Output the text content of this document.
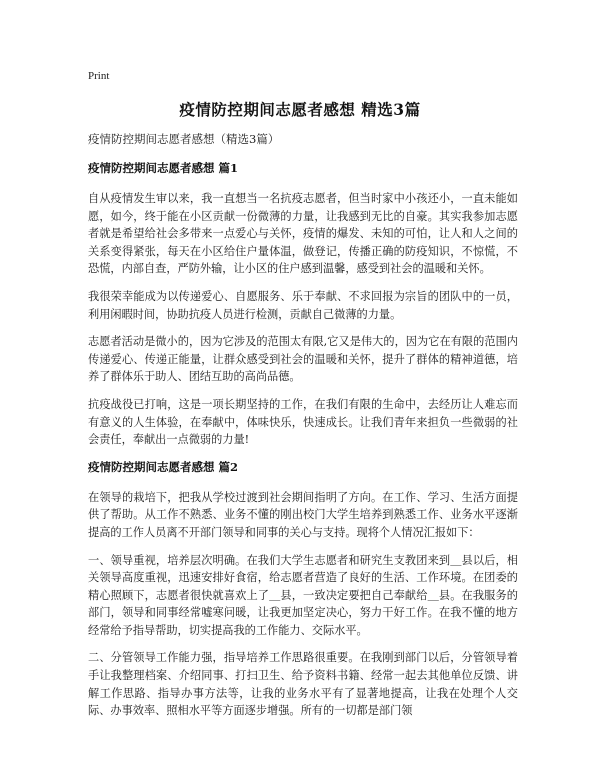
Print
疫情防控期间志愿者感想 精选3篇
疫情防控期间志愿者感想（精选3篇）
疫情防控期间志愿者感想 篇1

自从疫情发生审以来，我一直想当一名抗疫志愿者，但当时家中小孩还小，一直未能如愿，如今，终于能在小区贡献一份微薄的力量，让我感到无比的自豪。其实我参加志愿者就是希望给社会多带来一点爱心与关怀，疫情的爆发、未知的可怕，让人和人之间的关系变得紧张，每天在小区给住户量体温，做登记，传播正确的防疫知识，不惊慌，不恐慌，内部自查，严防外输，让小区的住户感到温馨，感受到社会的温暖和关怀。

我很荣幸能成为以传递爱心、自愿服务、乐于奉献、不求回报为宗旨的团队中的一员，利用闲暇时间，协助抗疫人员进行检测，贡献自己微薄的力量。

志愿者活动是微小的，因为它涉及的范围太有限,它又是伟大的，因为它在有限的范围内传递爱心、传递正能量，让群众感受到社会的温暖和关怀，提升了群体的精神道德，培养了群体乐于助人、团结互助的高尚品德。

抗疫战役已打响，这是一项长期坚持的工作，在我们有限的生命中，去经历让人难忘而有意义的人生体验，在奉献中，体味快乐，快速成长。让我们青年来担负一些微弱的社会责任，奉献出一点微弱的力量!

疫情防控期间志愿者感想 篇2

在领导的栽培下，把我从学校过渡到社会期间指明了方向。在工作、学习、生活方面提供了帮助。从工作不熟悉、业务不懂的刚出校门大学生培养到熟悉工作、业务水平逐渐提高的工作人员离不开部门领导和同事的关心与支持。现将个人情况汇报如下：

一、领导重视，培养层次明确。在我们大学生志愿者和研究生支教团来到＿县以后，相关领导高度重视，迅速安排好食宿，给志愿者营造了良好的生活、工作环境。在团委的精心照顾下，志愿者很快就喜欢上了＿县，一致决定要把自己奉献给＿县。在我服务的部门，领导和同事经常嘘寒问暖，让我更加坚定决心，努力干好工作。在我不懂的地方经常给予指导帮助，切实提高我的工作能力、交际水平。

二、分管领导工作能力强，指导培养工作思路很重要。在我刚到部门以后，分管领导着手让我整理档案、介绍同事、打扫卫生、给予资料书籍、经常一起去其他单位反馈、讲解工作思路、指导办事方法等，让我的业务水平有了显著地提高，让我在处理个人交际、办事效率、照相水平等方面逐步增强。所有的一切都是部门领
